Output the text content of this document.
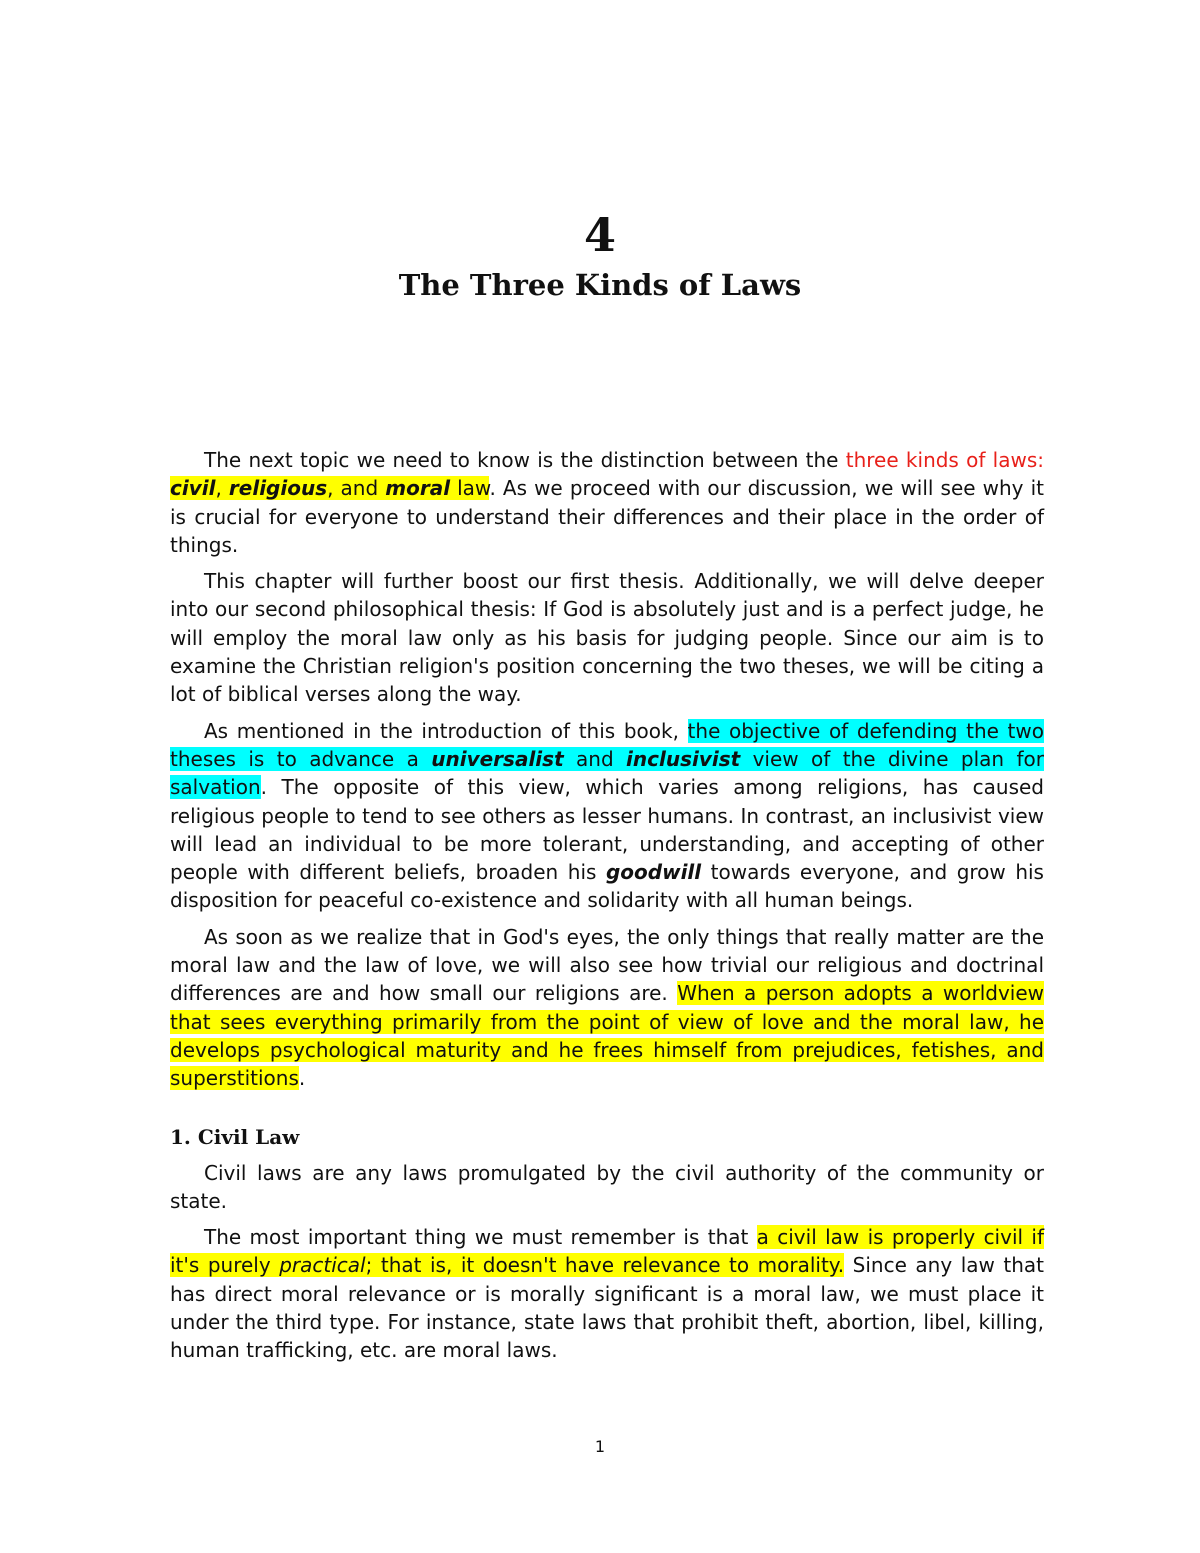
4
The Three Kinds of Laws

The next topic we need to know is the distinction between the three kinds of laws: civil, religious, and moral law. As we proceed with our discussion, we will see why it is crucial for everyone to understand their differences and their place in the order of things.

This chapter will further boost our first thesis. Additionally, we will delve deeper into our second philosophical thesis: If God is absolutely just and is a perfect judge, he will employ the moral law only as his basis for judging people. Since our aim is to examine the Christian religion's position concerning the two theses, we will be citing a lot of biblical verses along the way.

As mentioned in the introduction of this book, the objective of defending the two theses is to advance a universalist and inclusivist view of the divine plan for salvation. The opposite of this view, which varies among religions, has caused religious people to tend to see others as lesser humans. In contrast, an inclusivist view will lead an individual to be more tolerant, understanding, and accepting of other people with different beliefs, broaden his goodwill towards everyone, and grow his disposition for peaceful co-existence and solidarity with all human beings.

As soon as we realize that in God's eyes, the only things that really matter are the moral law and the law of love, we will also see how trivial our religious and doctrinal differences are and how small our religions are. When a person adopts a worldview that sees everything primarily from the point of view of love and the moral law, he develops psychological maturity and he frees himself from prejudices, fetishes, and superstitions.

1. Civil Law

Civil laws are any laws promulgated by the civil authority of the community or state.

The most important thing we must remember is that a civil law is properly civil if it's purely practical; that is, it doesn't have relevance to morality. Since any law that has direct moral relevance or is morally significant is a moral law, we must place it under the third type. For instance, state laws that prohibit theft, abortion, libel, killing, human trafficking, etc. are moral laws.

1
